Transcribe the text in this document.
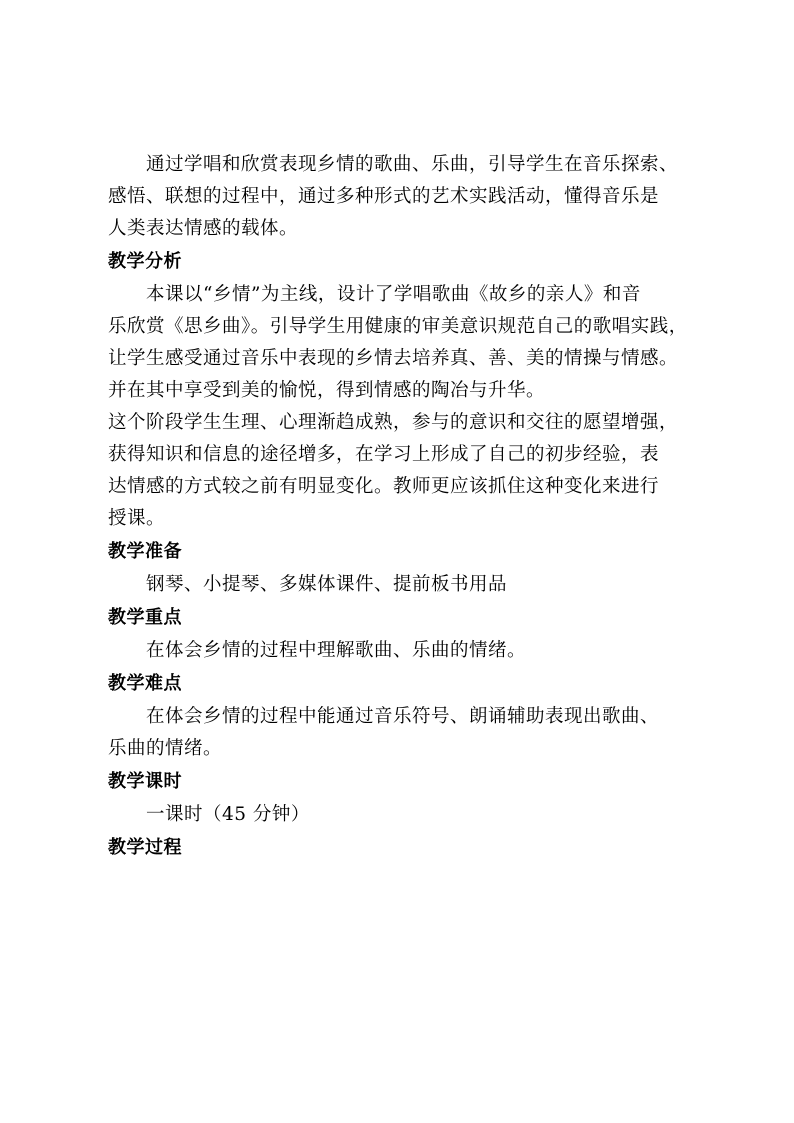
通过学唱和欣赏表现乡情的歌曲、乐曲，引导学生在音乐探索、
感悟、联想的过程中，通过多种形式的艺术实践活动，懂得音乐是
人类表达情感的载体。
教学分析
本课以“乡情”为主线，设计了学唱歌曲《故乡的亲人》和音
乐欣赏《思乡曲》。引导学生用健康的审美意识规范自己的歌唱实践，
让学生感受通过音乐中表现的乡情去培养真、善、美的情操与情感。
并在其中享受到美的愉悦，得到情感的陶冶与升华。
这个阶段学生生理、心理渐趋成熟，参与的意识和交往的愿望增强，
获得知识和信息的途径增多，在学习上形成了自己的初步经验，表
达情感的方式较之前有明显变化。教师更应该抓住这种变化来进行
授课。
教学准备
钢琴、小提琴、多媒体课件、提前板书用品
教学重点
在体会乡情的过程中理解歌曲、乐曲的情绪。
教学难点
在体会乡情的过程中能通过音乐符号、朗诵辅助表现出歌曲、
乐曲的情绪。
教学课时
一课时（45 分钟）
教学过程
